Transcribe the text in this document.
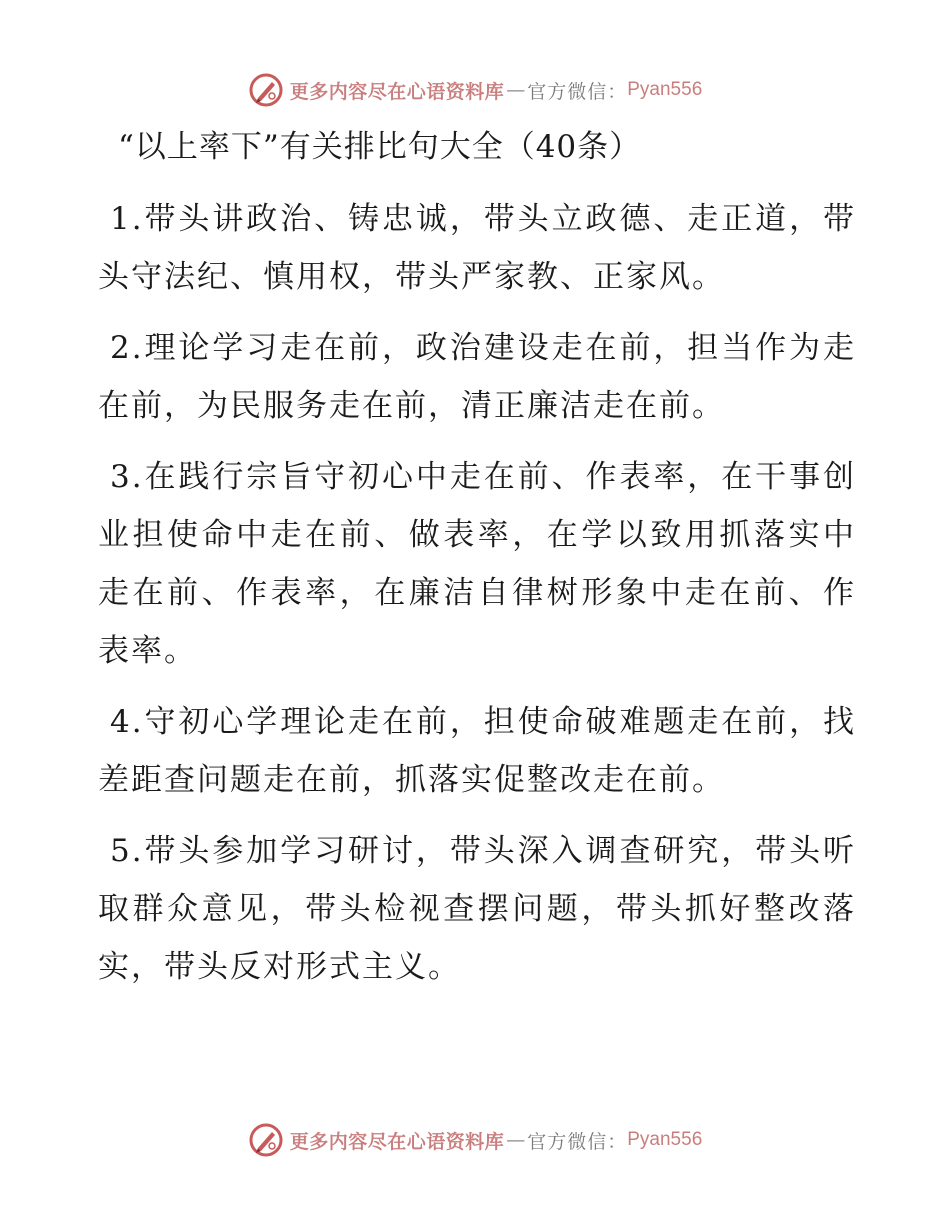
更多内容尽在心语资料库 — 官方微信： Pyan556
“以上率下”有关排比句大全（40条）

1.带头讲政治、铸忠诚，带头立政德、走正道，带头守法纪、慎用权，带头严家教、正家风。

2.理论学习走在前，政治建设走在前，担当作为走在前，为民服务走在前，清正廉洁走在前。

3.在践行宗旨守初心中走在前、作表率，在干事创业担使命中走在前、做表率，在学以致用抓落实中走在前、作表率，在廉洁自律树形象中走在前、作表率。

4.守初心学理论走在前，担使命破难题走在前，找差距查问题走在前，抓落实促整改走在前。

5.带头参加学习研讨，带头深入调查研究，带头听取群众意见，带头检视查摆问题，带头抓好整改落实，带头反对形式主义。

更多内容尽在心语资料库 — 官方微信： Pyan556
